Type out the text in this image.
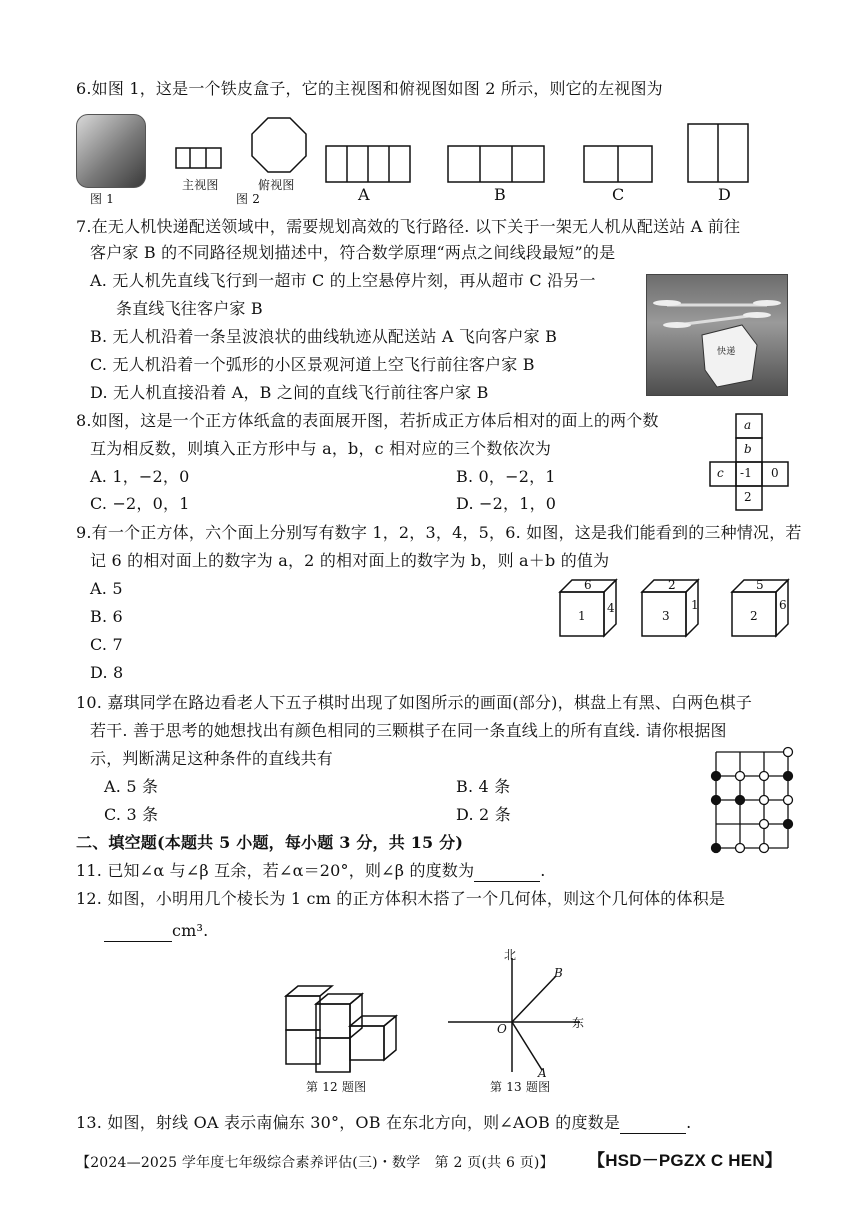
6.如图 1，这是一个铁皮盒子，它的主视图和俯视图如图 2 所示，则它的左视图为
图 1
主视图
图 2
俯视图	A	B	C	D
7.在无人机快递配送领域中，需要规划高效的飞行路径. 以下关于一架无人机从配送站 A 前往
客户家 B 的不同路径规划描述中，符合数学原理“两点之间线段最短”的是
A. 无人机先直线飞行到一超市 C 的上空悬停片刻，再从超市 C 沿另一
条直线飞往客户家 B
B. 无人机沿着一条呈波浪状的曲线轨迹从配送站 A 飞向客户家 B
C. 无人机沿着一个弧形的小区景观河道上空飞行前往客户家 B
D. 无人机直接沿着 A，B 之间的直线飞行前往客户家 B
快递
8.如图，这是一个正方体纸盒的表面展开图，若折成正方体后相对的面上的两个数
互为相反数，则填入正方形中与 a，b，c 相对应的三个数依次为
A. 1，−2，0	B. 0，−2，1
C. −2，0，1	D. −2，1，0
a
b
c -1 0
2
9.有一个正方体，六个面上分别写有数字 1，2，3，4，5，6. 如图，这是我们能看到的三种情况，若
记 6 的相对面上的数字为 a，2 的相对面上的数字为 b，则 a＋b 的值为
A. 5
B. 6
C. 7
D. 8
6
1
4
2
3
1
5
2
6
10. 嘉琪同学在路边看老人下五子棋时出现了如图所示的画面(部分)，棋盘上有黑、白两色棋子
若干. 善于思考的她想找出有颜色相同的三颗棋子在同一条直线上的所有直线. 请你根据图
示，判断满足这种条件的直线共有
A. 5 条	B. 4 条
C. 3 条	D. 2 条
二、填空题(本题共 5 小题，每小题 3 分，共 15 分)
11. 已知∠α 与∠β 互余，若∠α＝20°，则∠β 的度数为	.
12. 如图，小明用几个棱长为 1 cm 的正方体积木搭了一个几何体，则这个几何体的体积是
cm³.
第 12 题图
北
东
B
O
A
第 13 题图
13. 如图，射线 OA 表示南偏东 30°，OB 在东北方向，则∠AOB 的度数是	.
【2024—2025 学年度七年级综合素养评估(三)・数学　第 2 页(共 6 页)】 【HSD－PGZX C HEN】
